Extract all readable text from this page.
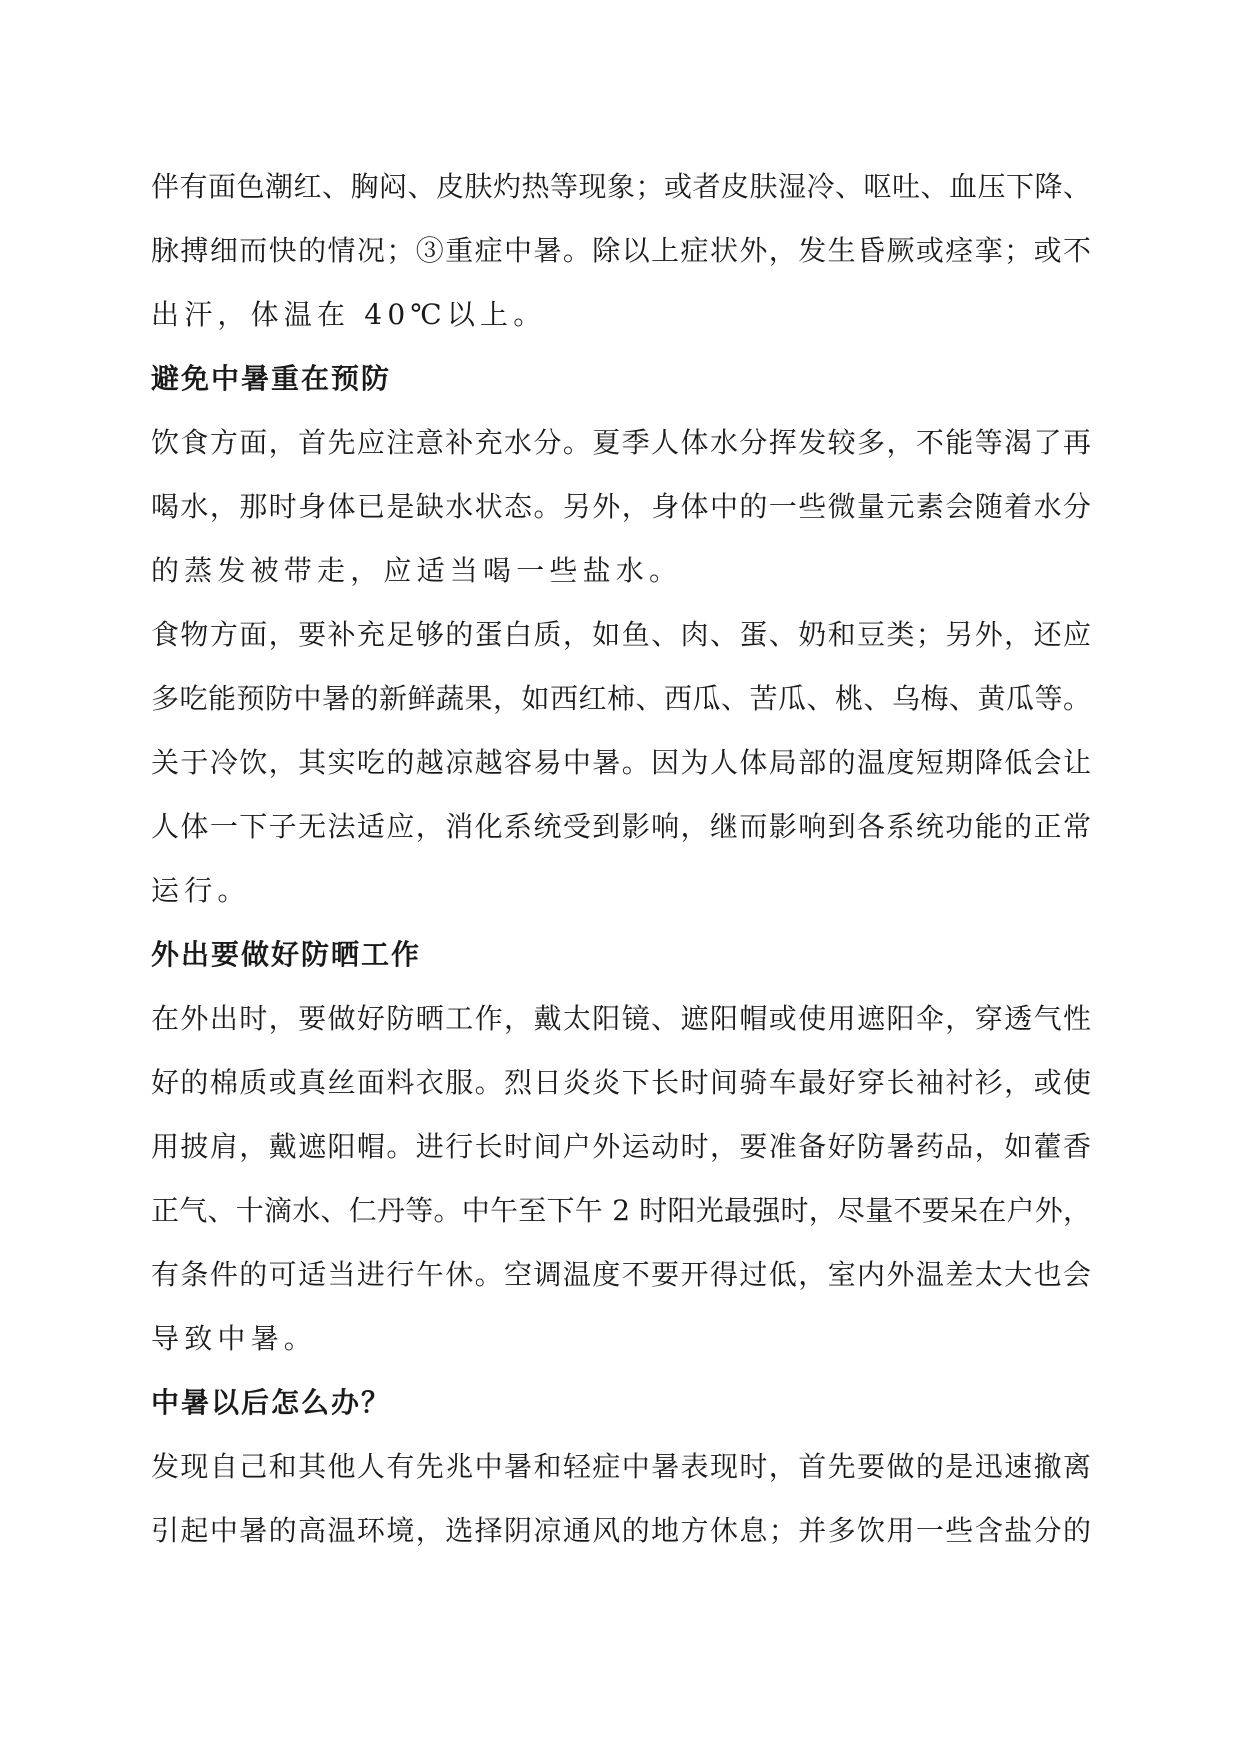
伴有面色潮红、胸闷、皮肤灼热等现象；或者皮肤湿冷、呕吐、血压下降、
脉搏细而快的情况；③重症中暑。除以上症状外，发生昏厥或痉挛；或不
出汗，体温在 40℃以上。
避免中暑重在预防
饮食方面，首先应注意补充水分。夏季人体水分挥发较多，不能等渴了再
喝水，那时身体已是缺水状态。另外，身体中的一些微量元素会随着水分
的蒸发被带走，应适当喝一些盐水。
食物方面，要补充足够的蛋白质，如鱼、肉、蛋、奶和豆类；另外，还应
多吃能预防中暑的新鲜蔬果，如西红柿、西瓜、苦瓜、桃、乌梅、黄瓜等。
关于冷饮，其实吃的越凉越容易中暑。因为人体局部的温度短期降低会让
人体一下子无法适应，消化系统受到影响，继而影响到各系统功能的正常
运行。
外出要做好防晒工作
在外出时，要做好防晒工作，戴太阳镜、遮阳帽或使用遮阳伞，穿透气性
好的棉质或真丝面料衣服。烈日炎炎下长时间骑车最好穿长袖衬衫，或使
用披肩，戴遮阳帽。进行长时间户外运动时，要准备好防暑药品，如藿香
正气、十滴水、仁丹等。中午至下午 2 时阳光最强时，尽量不要呆在户外，
有条件的可适当进行午休。空调温度不要开得过低，室内外温差太大也会
导致中暑。
中暑以后怎么办？
发现自己和其他人有先兆中暑和轻症中暑表现时，首先要做的是迅速撤离
引起中暑的高温环境，选择阴凉通风的地方休息；并多饮用一些含盐分的
